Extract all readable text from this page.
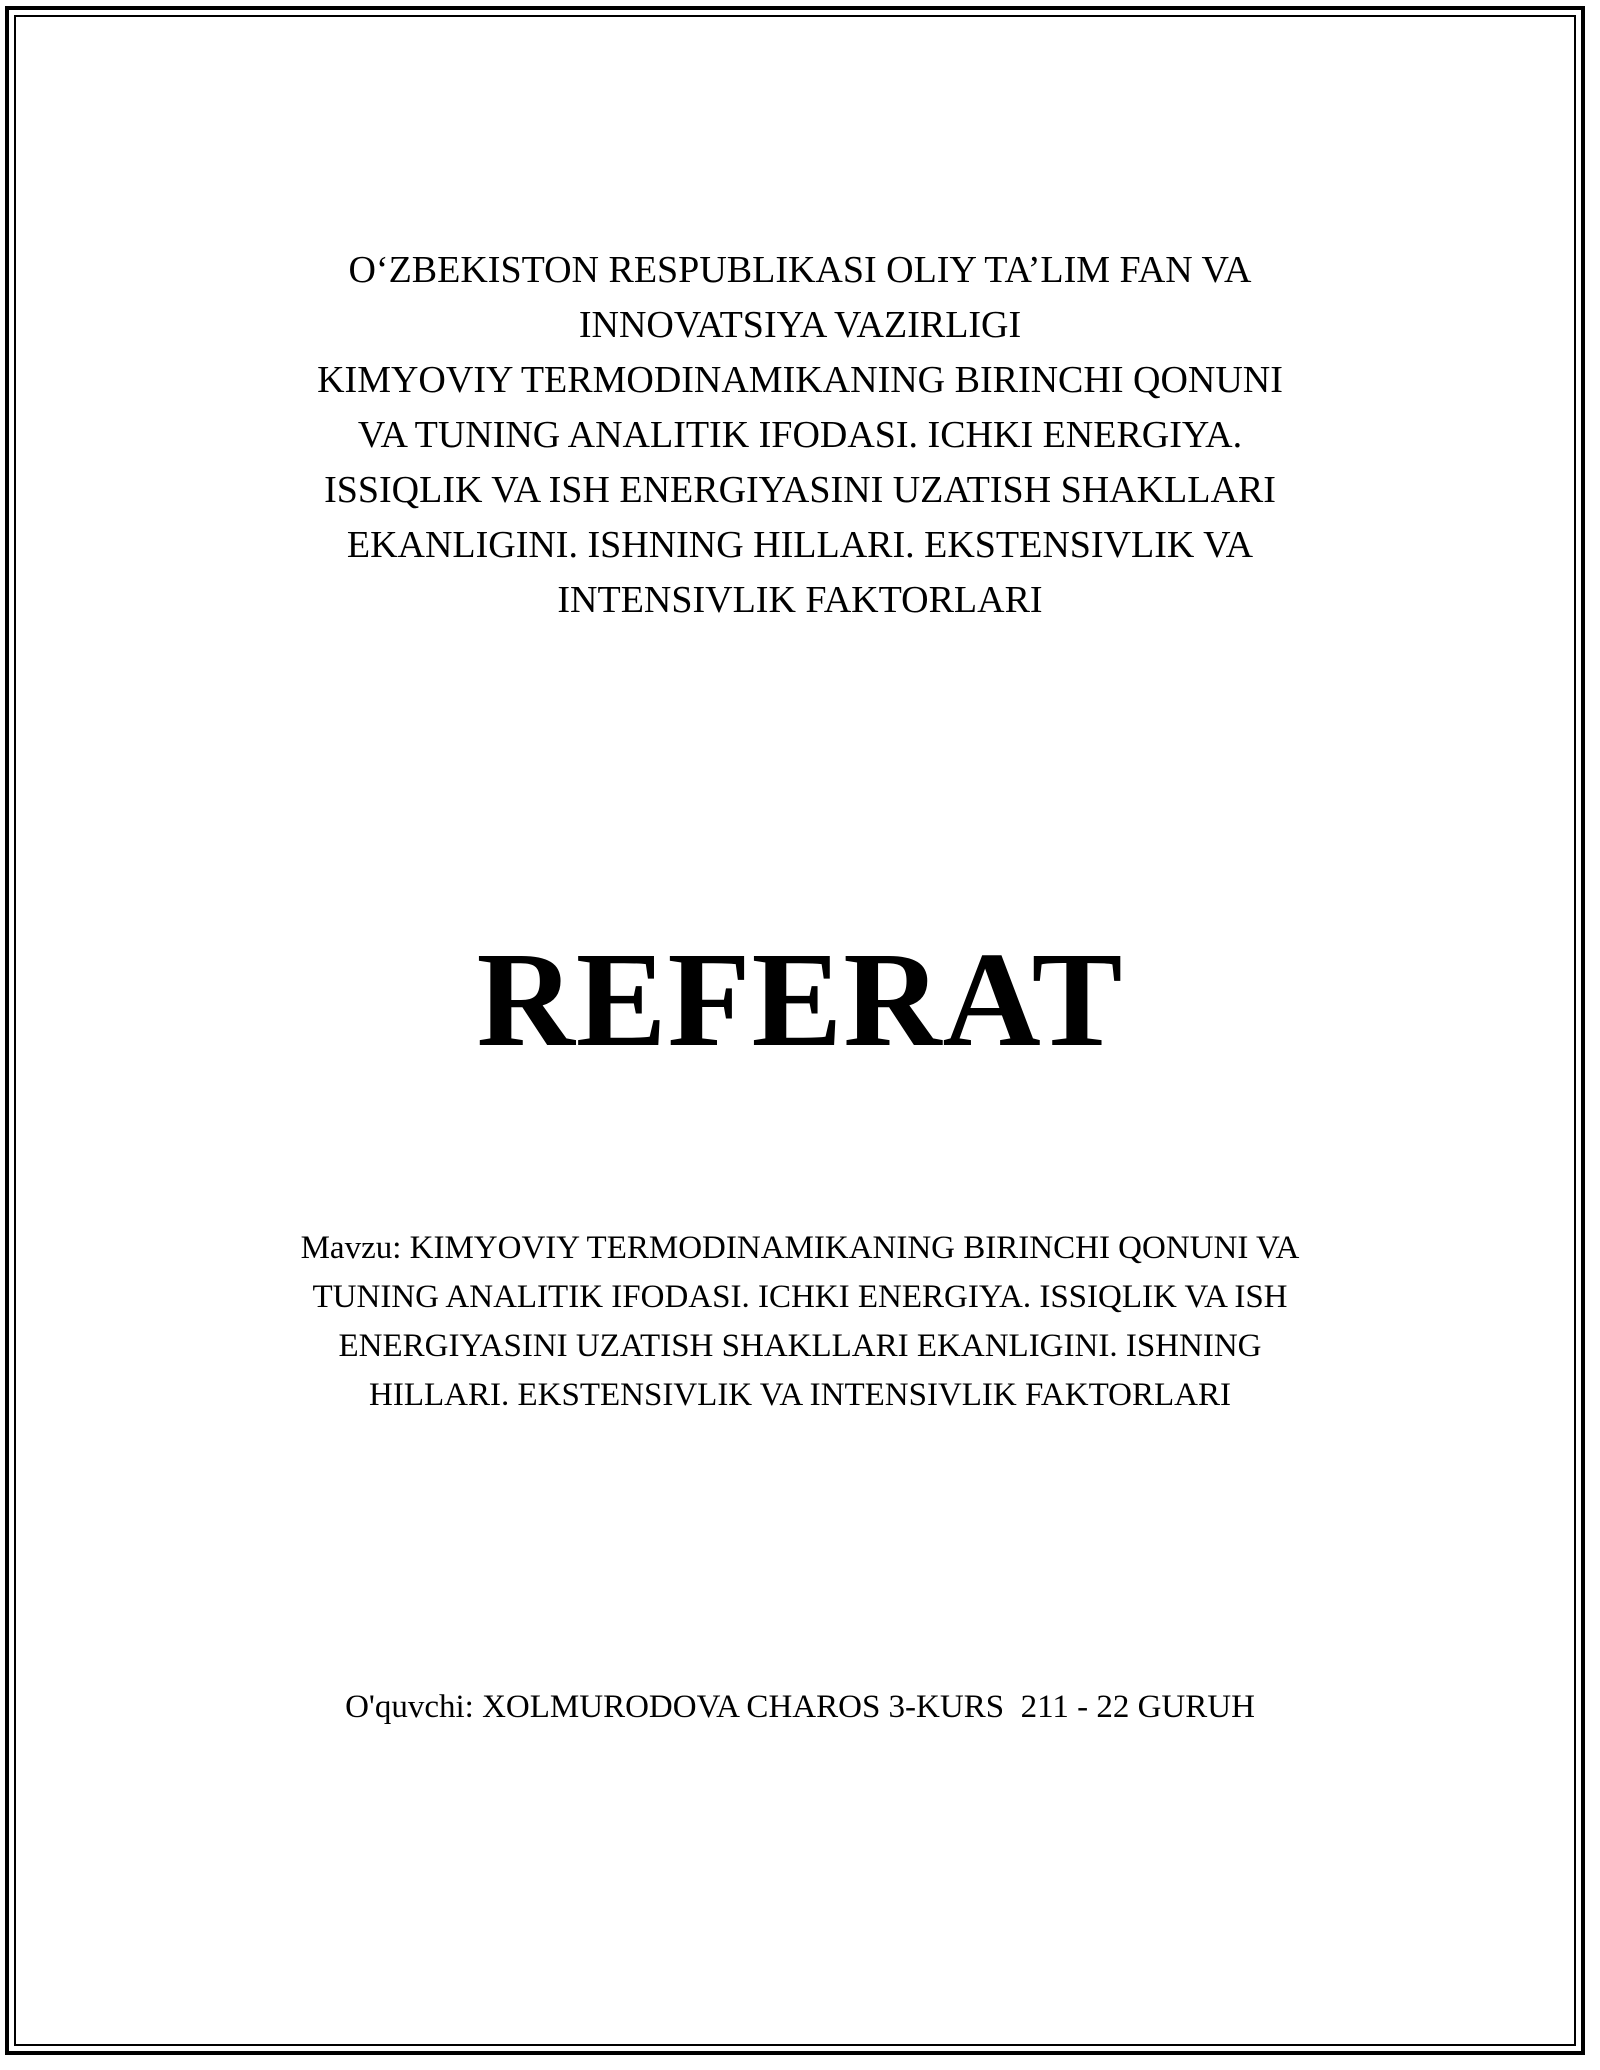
O‘ZBEKISTON RESPUBLIKASI OLIY TA’LIM FAN VA
INNOVATSIYA VAZIRLIGI
KIMYOVIY TERMODINAMIKANING BIRINCHI QONUNI
VA TUNING ANALITIK IFODASI. ICHKI ENERGIYA.
ISSIQLIK VA ISH ENERGIYASINI UZATISH SHAKLLARI
EKANLIGINI. ISHNING HILLARI. EKSTENSIVLIK VA
INTENSIVLIK FAKTORLARI
REFERAT
Mavzu: KIMYOVIY TERMODINAMIKANING BIRINCHI QONUNI VA
TUNING ANALITIK IFODASI. ICHKI ENERGIYA. ISSIQLIK VA ISH
ENERGIYASINI UZATISH SHAKLLARI EKANLIGINI. ISHNING
HILLARI. EKSTENSIVLIK VA INTENSIVLIK FAKTORLARI
O'quvchi: XOLMURODOVA CHAROS 3-KURS  211 - 22 GURUH
